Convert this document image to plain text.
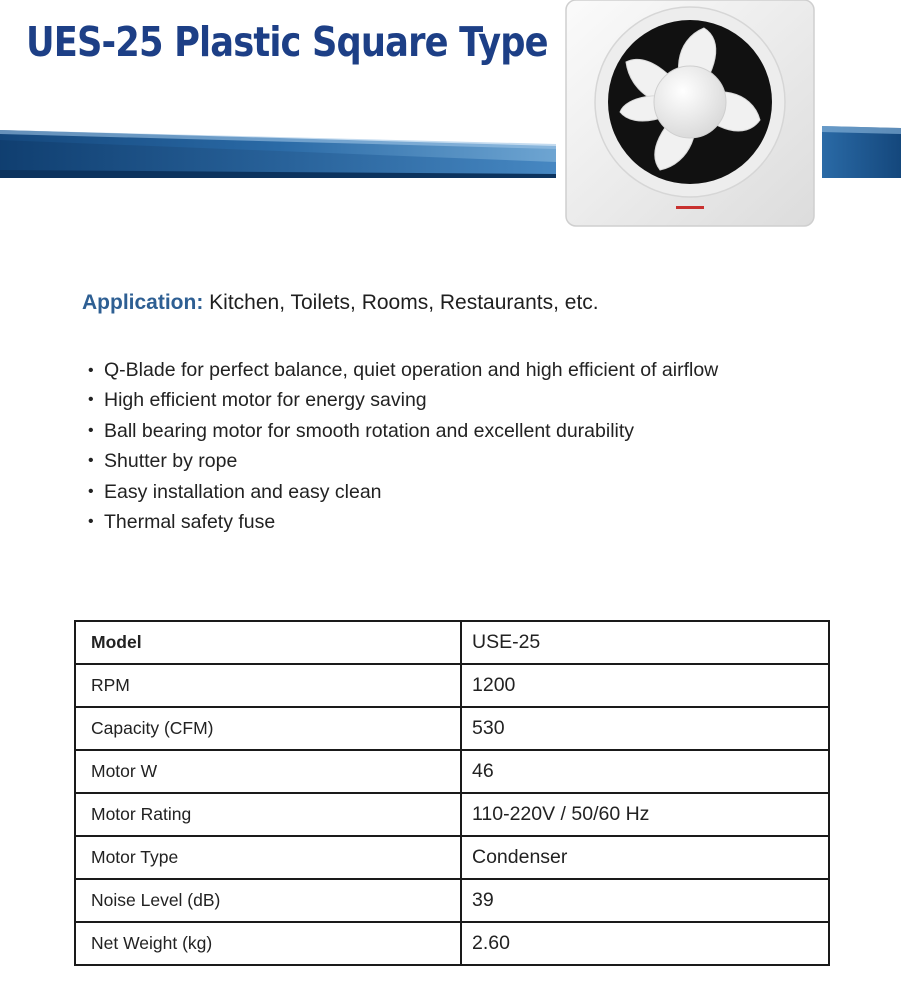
UES-25 Plastic Square Type
Application: Kitchen, Toilets, Rooms, Restaurants, etc.
• Q-Blade for perfect balance, quiet operation and high efficient of airflow
• High efficient motor for energy saving
• Ball bearing motor for smooth rotation and excellent durability
• Shutter by rope
• Easy installation and easy clean
• Thermal safety fuse
Model	USE-25
RPM	1200
Capacity (CFM)	530
Motor W	46
Motor Rating	110-220V / 50/60 Hz
Motor Type	Condenser
Noise Level (dB)	39
Net Weight (kg)	2.60
